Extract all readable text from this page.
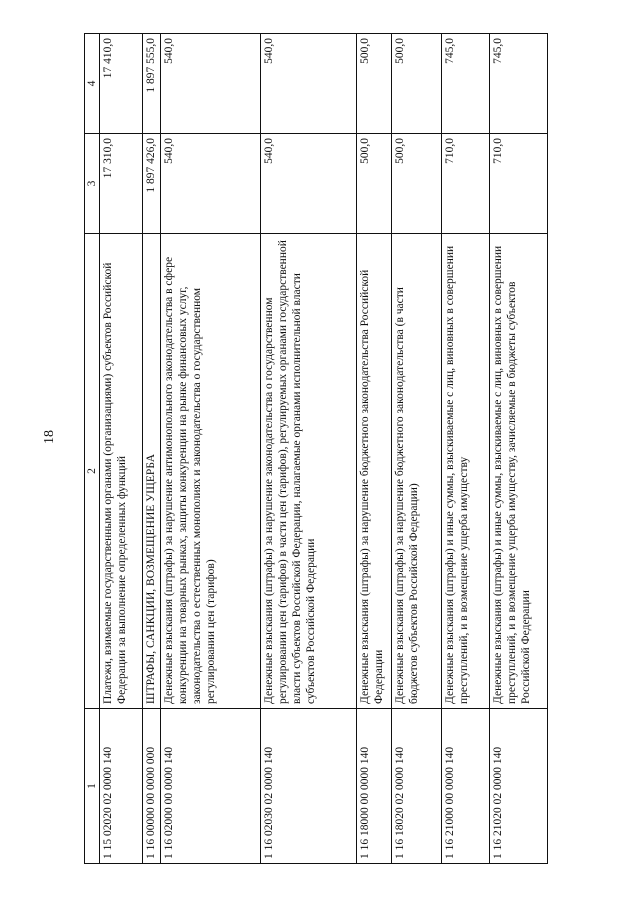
18
1	2	3	4
1 15 02020 02 0000 140	Платежи, взимаемые государственными органами (организациями) субъектов Российской Федерации за выполнение определенных функций	17 310,0	17 410,0
1 16 00000 00 0000 000	ШТРАФЫ, САНКЦИИ, ВОЗМЕЩЕНИЕ УЩЕРБА	1 897 426,0	1 897 555,0
1 16 02000 00 0000 140	Денежные взыскания (штрафы) за нарушение антимонопольного законодательства в сфере конкуренции на товарных рынках, защиты конкуренции на рынке финансовых услуг, законодательства о естественных монополиях и законодательства о государственном регулировании цен (тарифов)	540,0	540,0
1 16 02030 02 0000 140	Денежные взыскания (штрафы) за нарушение законодательства о государственном регулировании цен (тарифов) в части цен (тарифов), регулируемых органами государственной власти субъектов Российской Федерации, налагаемые органами исполнительной власти субъектов Российской Федерации	540,0	540,0
1 16 18000 00 0000 140	Денежные взыскания (штрафы) за нарушение бюджетного законодательства Российской Федерации	500,0	500,0
1 16 18020 02 0000 140	Денежные взыскания (штрафы) за нарушение бюджетного законодательства (в части бюджетов субъектов Российской Федерации)	500,0	500,0
1 16 21000 00 0000 140	Денежные взыскания (штрафы) и иные суммы, взыскиваемые с лиц, виновных в совершении преступлений, и в возмещение ущерба имуществу	710,0	745,0
1 16 21020 02 0000 140	Денежные взыскания (штрафы) и иные суммы, взыскиваемые с лиц, виновных в совершении преступлений, и в возмещение ущерба имуществу, зачисляемые в бюджеты субъектов Российской Федерации	710,0	745,0
